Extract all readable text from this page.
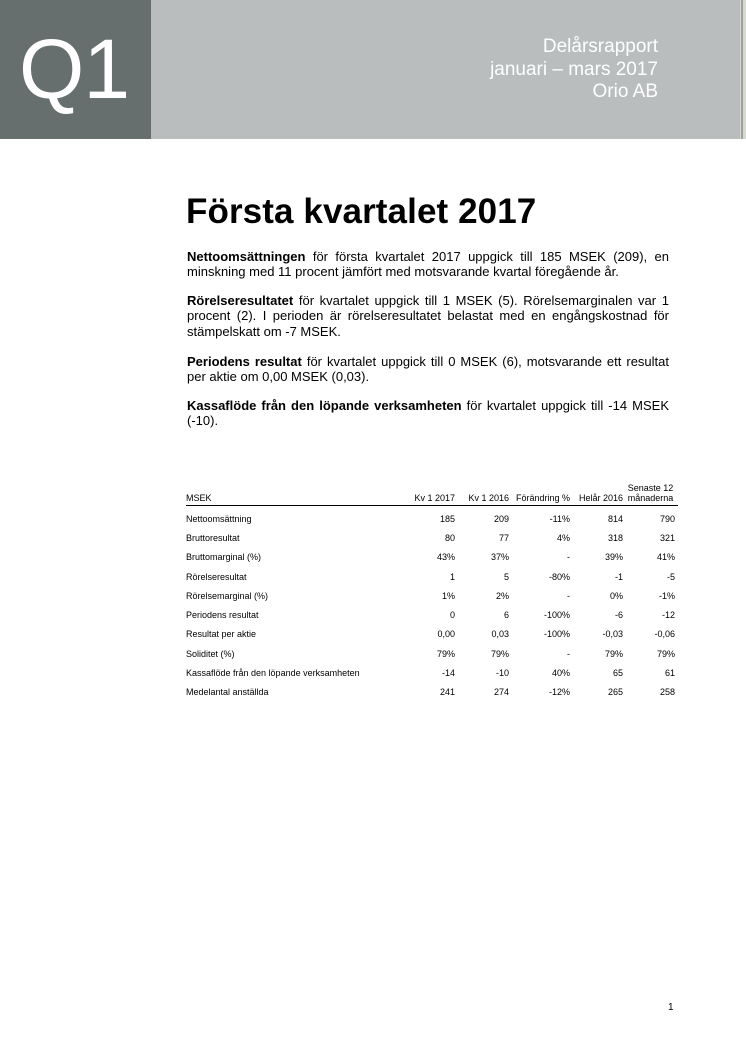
Q1	Delårsrapport
januari – mars 2017
Orio AB
Första kvartalet 2017

Nettoomsättningen för första kvartalet 2017 uppgick till 185 MSEK (209), en minskning med 11 procent jämfört med motsvarande kvartal föregående år.

Rörelseresultatet för kvartalet uppgick till 1 MSEK (5). Rörelsemarginalen var 1 procent (2). I perioden är rörelseresultatet belastat med en engångskostnad för stämpelskatt om -7 MSEK.

Periodens resultat för kvartalet uppgick till 0 MSEK (6), motsvarande ett resultat per aktie om 0,00 MSEK (0,03).

Kassaflöde från den löpande verksamheten för kvartalet uppgick till -14 MSEK (-10).

MSEK	Kv 1 2017	Kv 1 2016	Förändring %	Helår 2016	Senaste 12 månaderna
Nettoomsättning	185	209	-11%	814	790
Bruttoresultat	80	77	4%	318	321
Bruttomarginal (%)	43%	37%	-	39%	41%
Rörelseresultat	1	5	-80%	-1	-5
Rörelsemarginal (%)	1%	2%	-	0%	-1%
Periodens resultat	0	6	-100%	-6	-12
Resultat per aktie	0,00	0,03	-100%	-0,03	-0,06
Soliditet (%)	79%	79%	-	79%	79%
Kassaflöde från den löpande verksamheten	-14	-10	40%	65	61
Medelantal anställda	241	274	-12%	265	258
1
